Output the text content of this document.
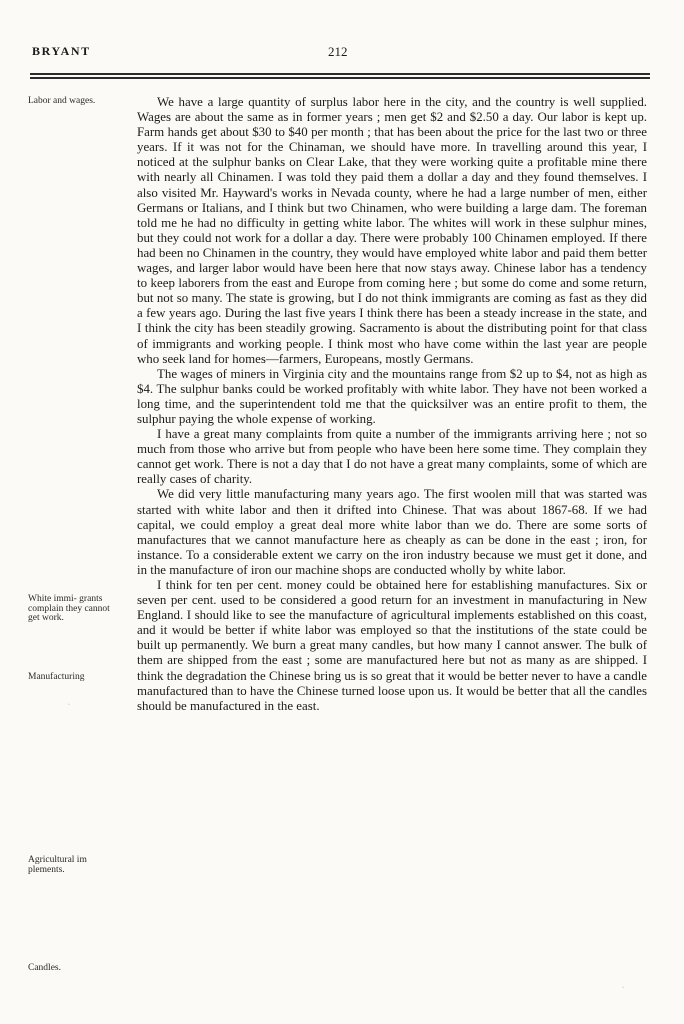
BRYANT	212
Labor and wages.
White immi- grants complain they cannot get work.
Manufacturing
Agricultural im plements.
Candles.

We have a large quantity of surplus labor here in the city, and the country is well supplied. Wages are about the same as in former years ; men get $2 and $2.50 a day. Our labor is kept up. Farm hands get about $30 to $40 per month ; that has been about the price for the last two or three years. If it was not for the Chinaman, we should have more. In travelling around this year, I noticed at the sulphur banks on Clear Lake, that they were working quite a profitable mine there with nearly all Chinamen. I was told they paid them a dollar a day and they found themselves. I also visited Mr. Hayward's works in Nevada county, where he had a large number of men, either Germans or Italians, and I think but two Chinamen, who were building a large dam. The foreman told me he had no difficulty in getting white labor. The whites will work in these sulphur mines, but they could not work for a dollar a day. There were probably 100 Chinamen employed. If there had been no Chinamen in the country, they would have employed white labor and paid them better wages, and larger labor would have been here that now stays away. Chinese labor has a tendency to keep laborers from the east and Europe from coming here ; but some do come and some return, but not so many. The state is growing, but I do not think immigrants are coming as fast as they did a few years ago. During the last five years I think there has been a steady increase in the state, and I think the city has been steadily growing. Sacramento is about the distributing point for that class of immigrants and working people. I think most who have come within the last year are people who seek land for homes—farmers, Europeans, mostly Germans.

The wages of miners in Virginia city and the mountains range from $2 up to $4, not as high as $4. The sulphur banks could be worked profitably with white labor. They have not been worked a long time, and the superintendent told me that the quicksilver was an entire profit to them, the sulphur paying the whole expense of working.

I have a great many complaints from quite a number of the immigrants arriving here ; not so much from those who arrive but from people who have been here some time. They complain they cannot get work. There is not a day that I do not have a great many complaints, some of which are really cases of charity.

We did very little manufacturing many years ago. The first woolen mill that was started was started with white labor and then it drifted into Chinese. That was about 1867-68. If we had capital, we could employ a great deal more white labor than we do. There are some sorts of manufactures that we cannot manufacture here as cheaply as can be done in the east ; iron, for instance. To a considerable extent we carry on the iron industry because we must get it done, and in the manufacture of iron our machine shops are conducted wholly by white labor.

I think for ten per cent. money could be obtained here for establishing manufactures. Six or seven per cent. used to be considered a good return for an investment in manufacturing in New England. I should like to see the manufacture of agricultural implements established on this coast, and it would be better if white labor was employed so that the institutions of the state could be built up permanently. We burn a great many candles, but how many I cannot answer. The bulk of them are shipped from the east ; some are manufactured here but not as many as are shipped. I think the degradation the Chinese bring us is so great that it would be better never to have a candle manufactured than to have the Chinese turned loose upon us. It would be better that all the candles should be manufactured in the east.

·
·
